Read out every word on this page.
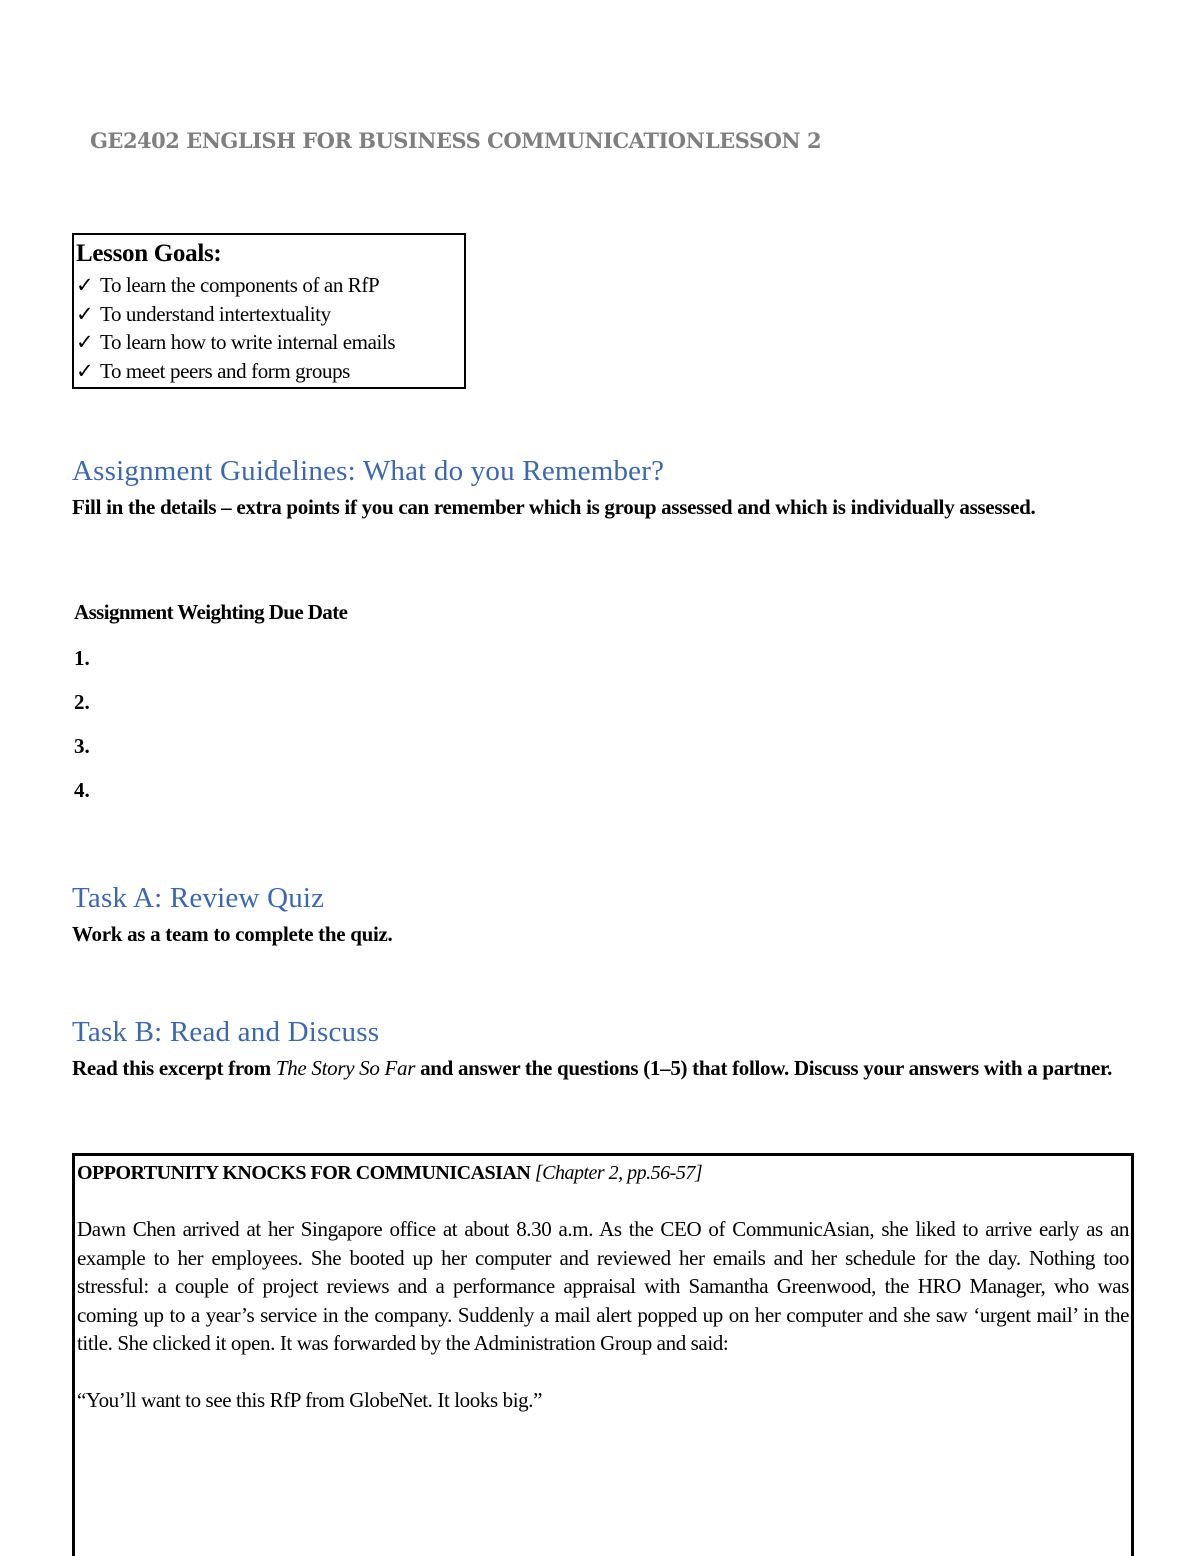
GE2402 ENGLISH FOR BUSINESS COMMUNICATION LESSON 2
Lesson Goals:
✓ To learn the components of an RfP
✓ To understand intertextuality
✓ To learn how to write internal emails
✓ To meet peers and form groups
Assignment Guidelines: What do you Remember?
Fill in the details – extra points if you can remember which is group assessed and which is individually assessed.
Assignment Weighting Due Date
1.
2.
3.
4.
Task A: Review Quiz
Work as a team to complete the quiz.
Task B: Read and Discuss
Read this excerpt from The Story So Far and answer the questions (1–5) that follow. Discuss your answers with a partner.
OPPORTUNITY KNOCKS FOR COMMUNICASIAN [Chapter 2, pp.56-57]
Dawn Chen arrived at her Singapore office at about 8.30 a.m. As the CEO of CommunicAsian, she liked to arrive early as an example to her employees. She booted up her computer and reviewed her emails and her schedule for the day. Nothing too stressful: a couple of project reviews and a performance appraisal with Samantha Greenwood, the HRO Manager, who was coming up to a year’s service in the company. Suddenly a mail alert popped up on her computer and she saw ‘urgent mail’ in the title. She clicked it open. It was forwarded by the Administration Group and said:
“You’ll want to see this RfP from GlobeNet. It looks big.”
